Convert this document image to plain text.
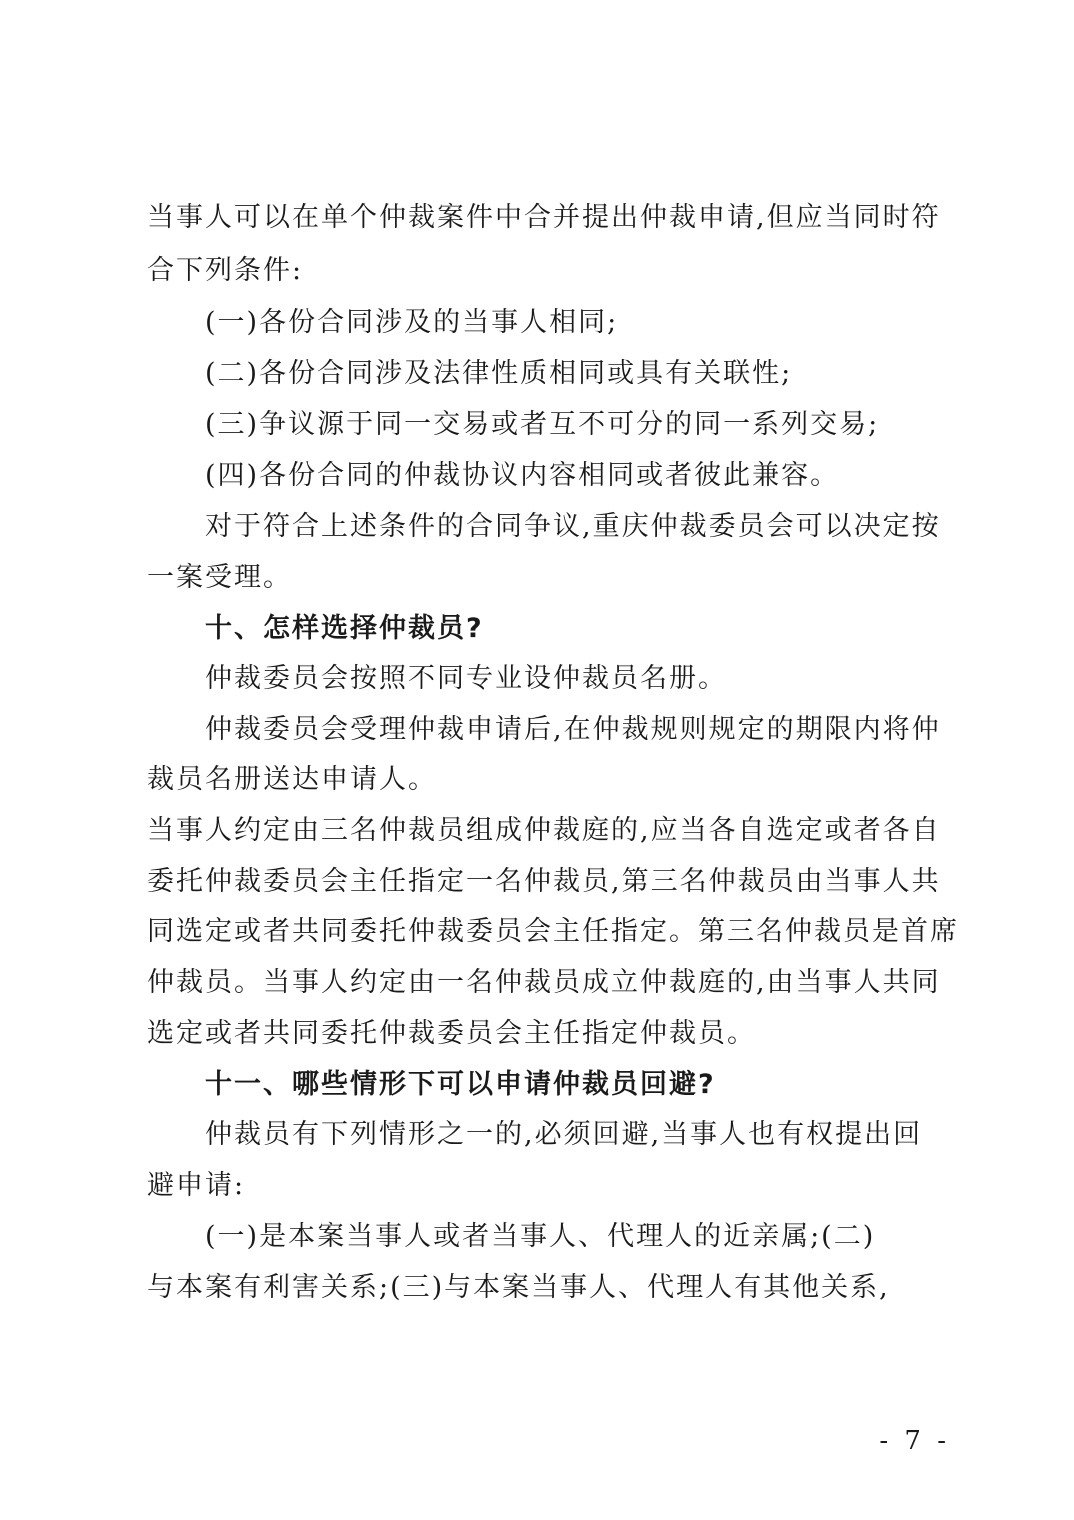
当事人可以在单个仲裁案件中合并提出仲裁申请,但应当同时符
合下列条件:
(一)各份合同涉及的当事人相同;
(二)各份合同涉及法律性质相同或具有关联性;
(三)争议源于同一交易或者互不可分的同一系列交易;
(四)各份合同的仲裁协议内容相同或者彼此兼容。
对于符合上述条件的合同争议,重庆仲裁委员会可以决定按
一案受理。
十、怎样选择仲裁员?
仲裁委员会按照不同专业设仲裁员名册。
仲裁委员会受理仲裁申请后,在仲裁规则规定的期限内将仲
裁员名册送达申请人。
当事人约定由三名仲裁员组成仲裁庭的,应当各自选定或者各自
委托仲裁委员会主任指定一名仲裁员,第三名仲裁员由当事人共
同选定或者共同委托仲裁委员会主任指定。第三名仲裁员是首席
仲裁员。当事人约定由一名仲裁员成立仲裁庭的,由当事人共同
选定或者共同委托仲裁委员会主任指定仲裁员。
十一、哪些情形下可以申请仲裁员回避?
仲裁员有下列情形之一的,必须回避,当事人也有权提出回
避申请:
(一)是本案当事人或者当事人、代理人的近亲属;(二)
与本案有利害关系;(三)与本案当事人、代理人有其他关系,
- 7 -
